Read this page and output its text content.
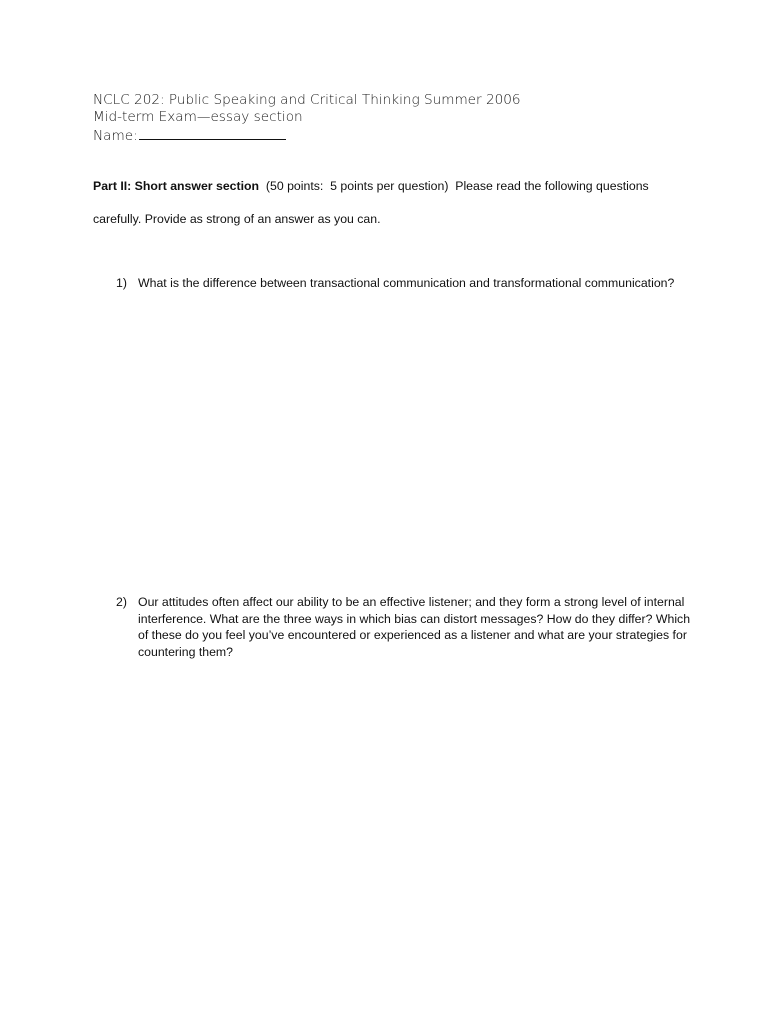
NCLC 202: Public Speaking and Critical Thinking Summer 2006
Mid-term Exam—essay section
Name:
Part II: Short answer section  (50 points:  5 points per question)  Please read the following questions
carefully. Provide as strong of an answer as you can.
1) What is the difference between transactional communication and transformational communication?
2) Our attitudes often affect our ability to be an effective listener; and they form a strong level of internal interference. What are the three ways in which bias can distort messages? How do they differ? Which of these do you feel you’ve encountered or experienced as a listener and what are your strategies for countering them?
